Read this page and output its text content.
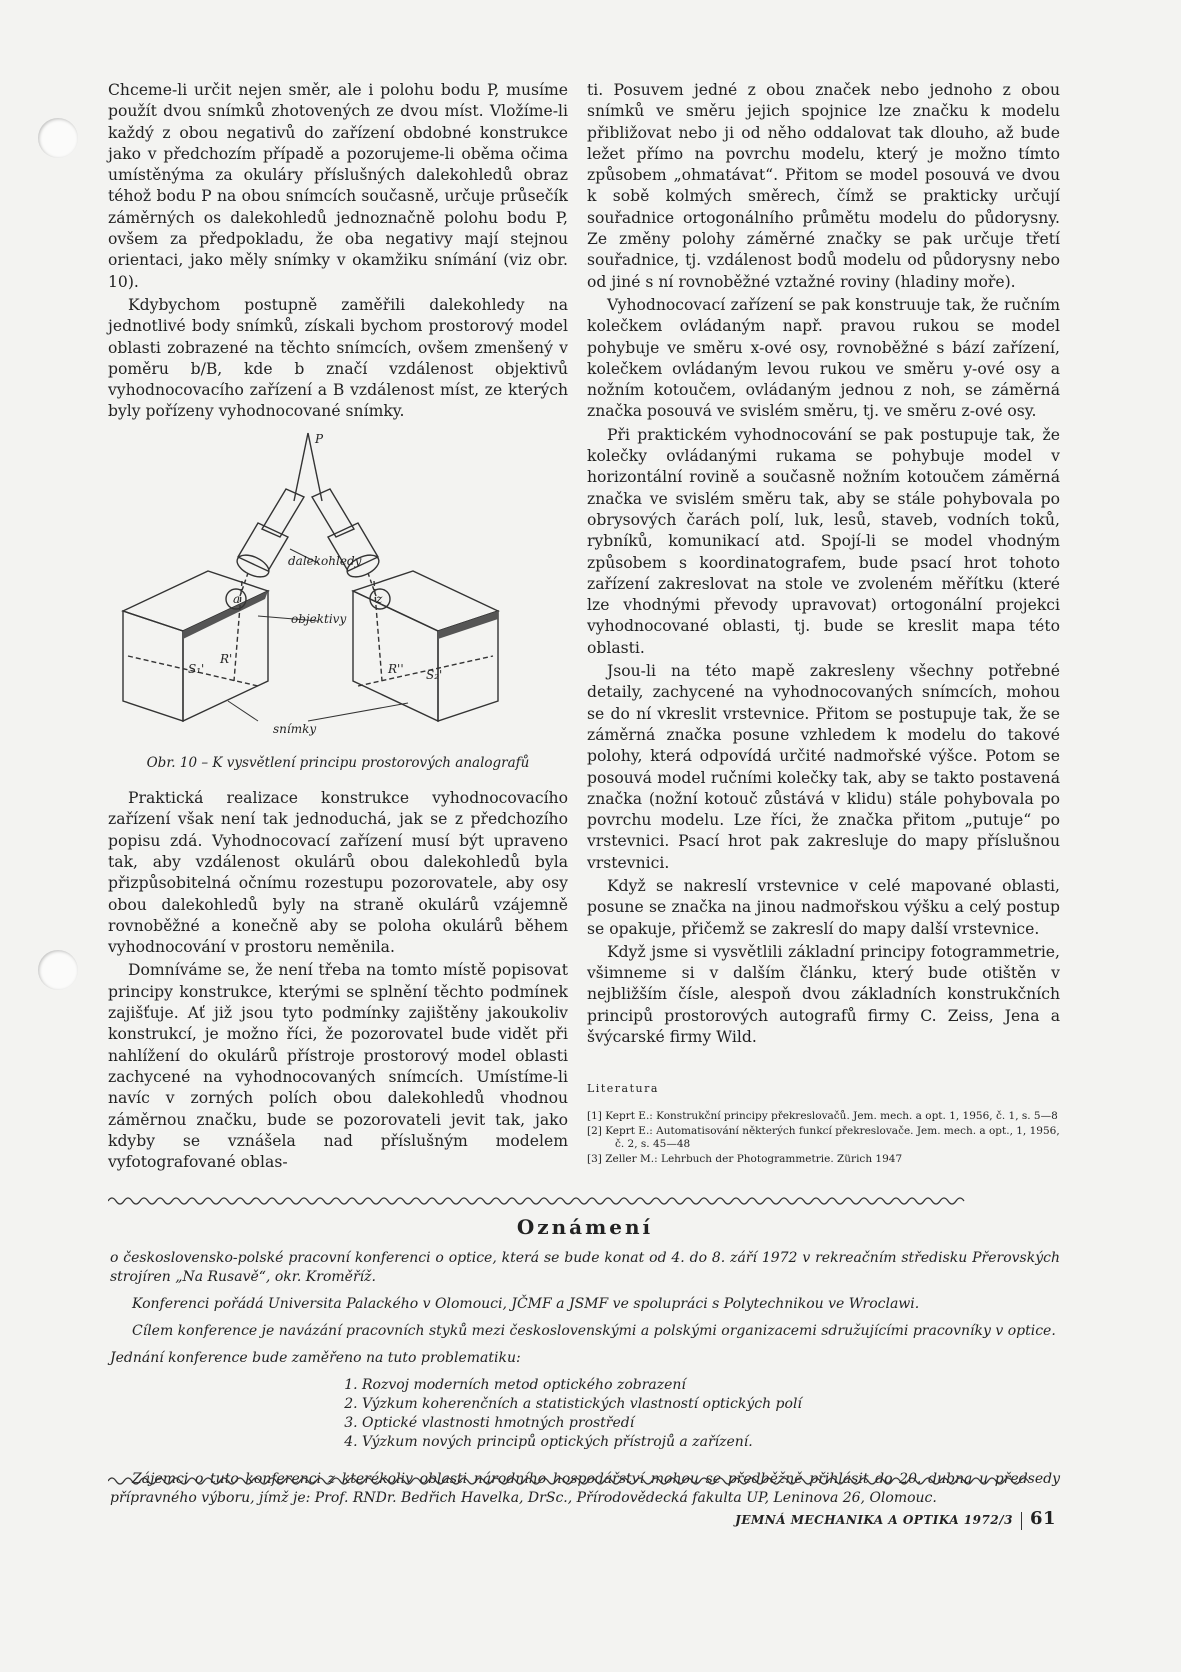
Chceme-li určit nejen směr, ale i polohu bodu P, musíme použít dvou snímků zhotovených ze dvou míst. Vložíme-li každý z obou negativů do zařízení obdobné konstrukce jako v předchozím případě a pozorujeme-li oběma očima umístěnýma za okuláry příslušných dalekohledů obraz téhož bodu P na obou snímcích současně, určuje průsečík záměrných os dalekohledů jednoznačně polohu bodu P, ovšem za předpokladu, že oba negativy mají stejnou orientaci, jako měly snímky v okamžiku snímání (viz obr. 10).

Kdybychom postupně zaměřili dalekohledy na jednotlivé body snímků, získali bychom prostorový model oblasti zobrazené na těchto snímcích, ovšem zmenšený v poměru b/B, kde b značí vzdálenost objektivů vyhodnocovacího zařízení a B vzdálenost míst, ze kterých byly pořízeny vyhodnocované snímky.

P
dalekohledy
objektivy
snímky
a
R'
S₁'	R'' S₂'
z
Obr. 10 – K vysvětlení principu prostorových analografů

Praktická realizace konstrukce vyhodnocovacího zařízení však není tak jednoduchá, jak se z předchozího popisu zdá. Vyhodnocovací zařízení musí být upraveno tak, aby vzdálenost okulárů obou dalekohledů byla přizpůsobitelná očnímu rozestupu pozorovatele, aby osy obou dalekohledů byly na straně okulárů vzájemně rovnoběžné a konečně aby se poloha okulárů během vyhodnocování v prostoru neměnila.

Domníváme se, že není třeba na tomto místě popisovat principy konstrukce, kterými se splnění těchto podmínek zajišťuje. Ať již jsou tyto podmínky zajištěny jakoukoliv konstrukcí, je možno říci, že pozorovatel bude vidět při nahlížení do okulárů přístroje prostorový model oblasti zachycené na vyhodnocovaných snímcích. Umístíme-li navíc v zorných polích obou dalekohledů vhodnou záměrnou značku, bude se pozorovateli jevit tak, jako kdyby se vznášela nad příslušným modelem vyfotografované oblas-

ti. Posuvem jedné z obou značek nebo jednoho z obou snímků ve směru jejich spojnice lze značku k modelu přibližovat nebo ji od něho oddalovat tak dlouho, až bude ležet přímo na povrchu modelu, který je možno tímto způsobem „ohmatávat“. Přitom se model posouvá ve dvou k sobě kolmých směrech, čímž se prakticky určují souřadnice ortogonálního průmětu modelu do půdorysny. Ze změny polohy záměrné značky se pak určuje třetí souřadnice, tj. vzdálenost bodů modelu od půdorysny nebo od jiné s ní rovnoběžné vztažné roviny (hladiny moře).

Vyhodnocovací zařízení se pak konstruuje tak, že ručním kolečkem ovládaným např. pravou rukou se model pohybuje ve směru x-ové osy, rovnoběžné s bází zařízení, kolečkem ovládaným levou rukou ve směru y-ové osy a nožním kotoučem, ovládaným jednou z noh, se záměrná značka posouvá ve svislém směru, tj. ve směru z-ové osy.

Při praktickém vyhodnocování se pak postupuje tak, že kolečky ovládanými rukama se pohybuje model v horizontální rovině a současně nožním kotoučem záměrná značka ve svislém směru tak, aby se stále pohybovala po obrysových čarách polí, luk, lesů, staveb, vodních toků, rybníků, komunikací atd. Spojí-li se model vhodným způsobem s koordinatografem, bude psací hrot tohoto zařízení zakreslovat na stole ve zvoleném měřítku (které lze vhodnými převody upravovat) ortogonální projekci vyhodnocované oblasti, tj. bude se kreslit mapa této oblasti.

Jsou-li na této mapě zakresleny všechny potřebné detaily, zachycené na vyhodnocovaných snímcích, mohou se do ní vkreslit vrstevnice. Přitom se postupuje tak, že se záměrná značka posune vzhledem k modelu do takové polohy, která odpovídá určité nadmořské výšce. Potom se posouvá model ručními kolečky tak, aby se takto postavená značka (nožní kotouč zůstává v klidu) stále pohybovala po povrchu modelu. Lze říci, že značka přitom „putuje“ po vrstevnici. Psací hrot pak zakresluje do mapy příslušnou vrstevnici.

Když se nakreslí vrstevnice v celé mapované oblasti, posune se značka na jinou nadmořskou výšku a celý postup se opakuje, přičemž se zakreslí do mapy další vrstevnice.

Když jsme si vysvětlili základní principy fotogrammetrie, všimneme si v dalším článku, který bude otištěn v nejbližším čísle, alespoň dvou základních konstrukčních principů prostorových autografů firmy C. Zeiss, Jena a švýcarské firmy Wild.

Literatura
[1] Keprt E.: Konstrukční principy překreslovačů. Jem. mech. a opt. 1, 1956, č. 1, s. 5—8
[2] Keprt E.: Automatisování některých funkcí překreslovače. Jem. mech. a opt., 1, 1956, č. 2, s. 45—48
[3] Zeller M.: Lehrbuch der Photogrammetrie. Zürich 1947
Oznámení

o československo-polské pracovní konferenci o optice, která se bude konat od 4. do 8. září 1972 v rekreačním středisku Přerovských strojíren „Na Rusavě“, okr. Kroměříž.

Konferenci pořádá Universita Palackého v Olomouci, JČMF a JSMF ve spolupráci s Polytechnikou ve Wroclawi.

Cílem konference je navázání pracovních styků mezi československými a polskými organizacemi sdružujícími pracovníky v optice.

Jednání konference bude zaměřeno na tuto problematiku:

1. Rozvoj moderních metod optického zobrazení
2. Výzkum koherenčních a statistických vlastností optických polí
3. Optické vlastnosti hmotných prostředí
4. Výzkum nových principů optických přístrojů a zařízení.

Zájemci o tuto konferenci z kterékoliv oblasti národního hospodářství mohou se předběžně přihlásit do 20. dubna u předsedy přípravného výboru, jímž je: Prof. RNDr. Bedřich Havelka, DrSc., Přírodovědecká fakulta UP, Leninova 26, Olomouc.

JEMNÁ MECHANIKA A OPTIKA 1972/3 61
